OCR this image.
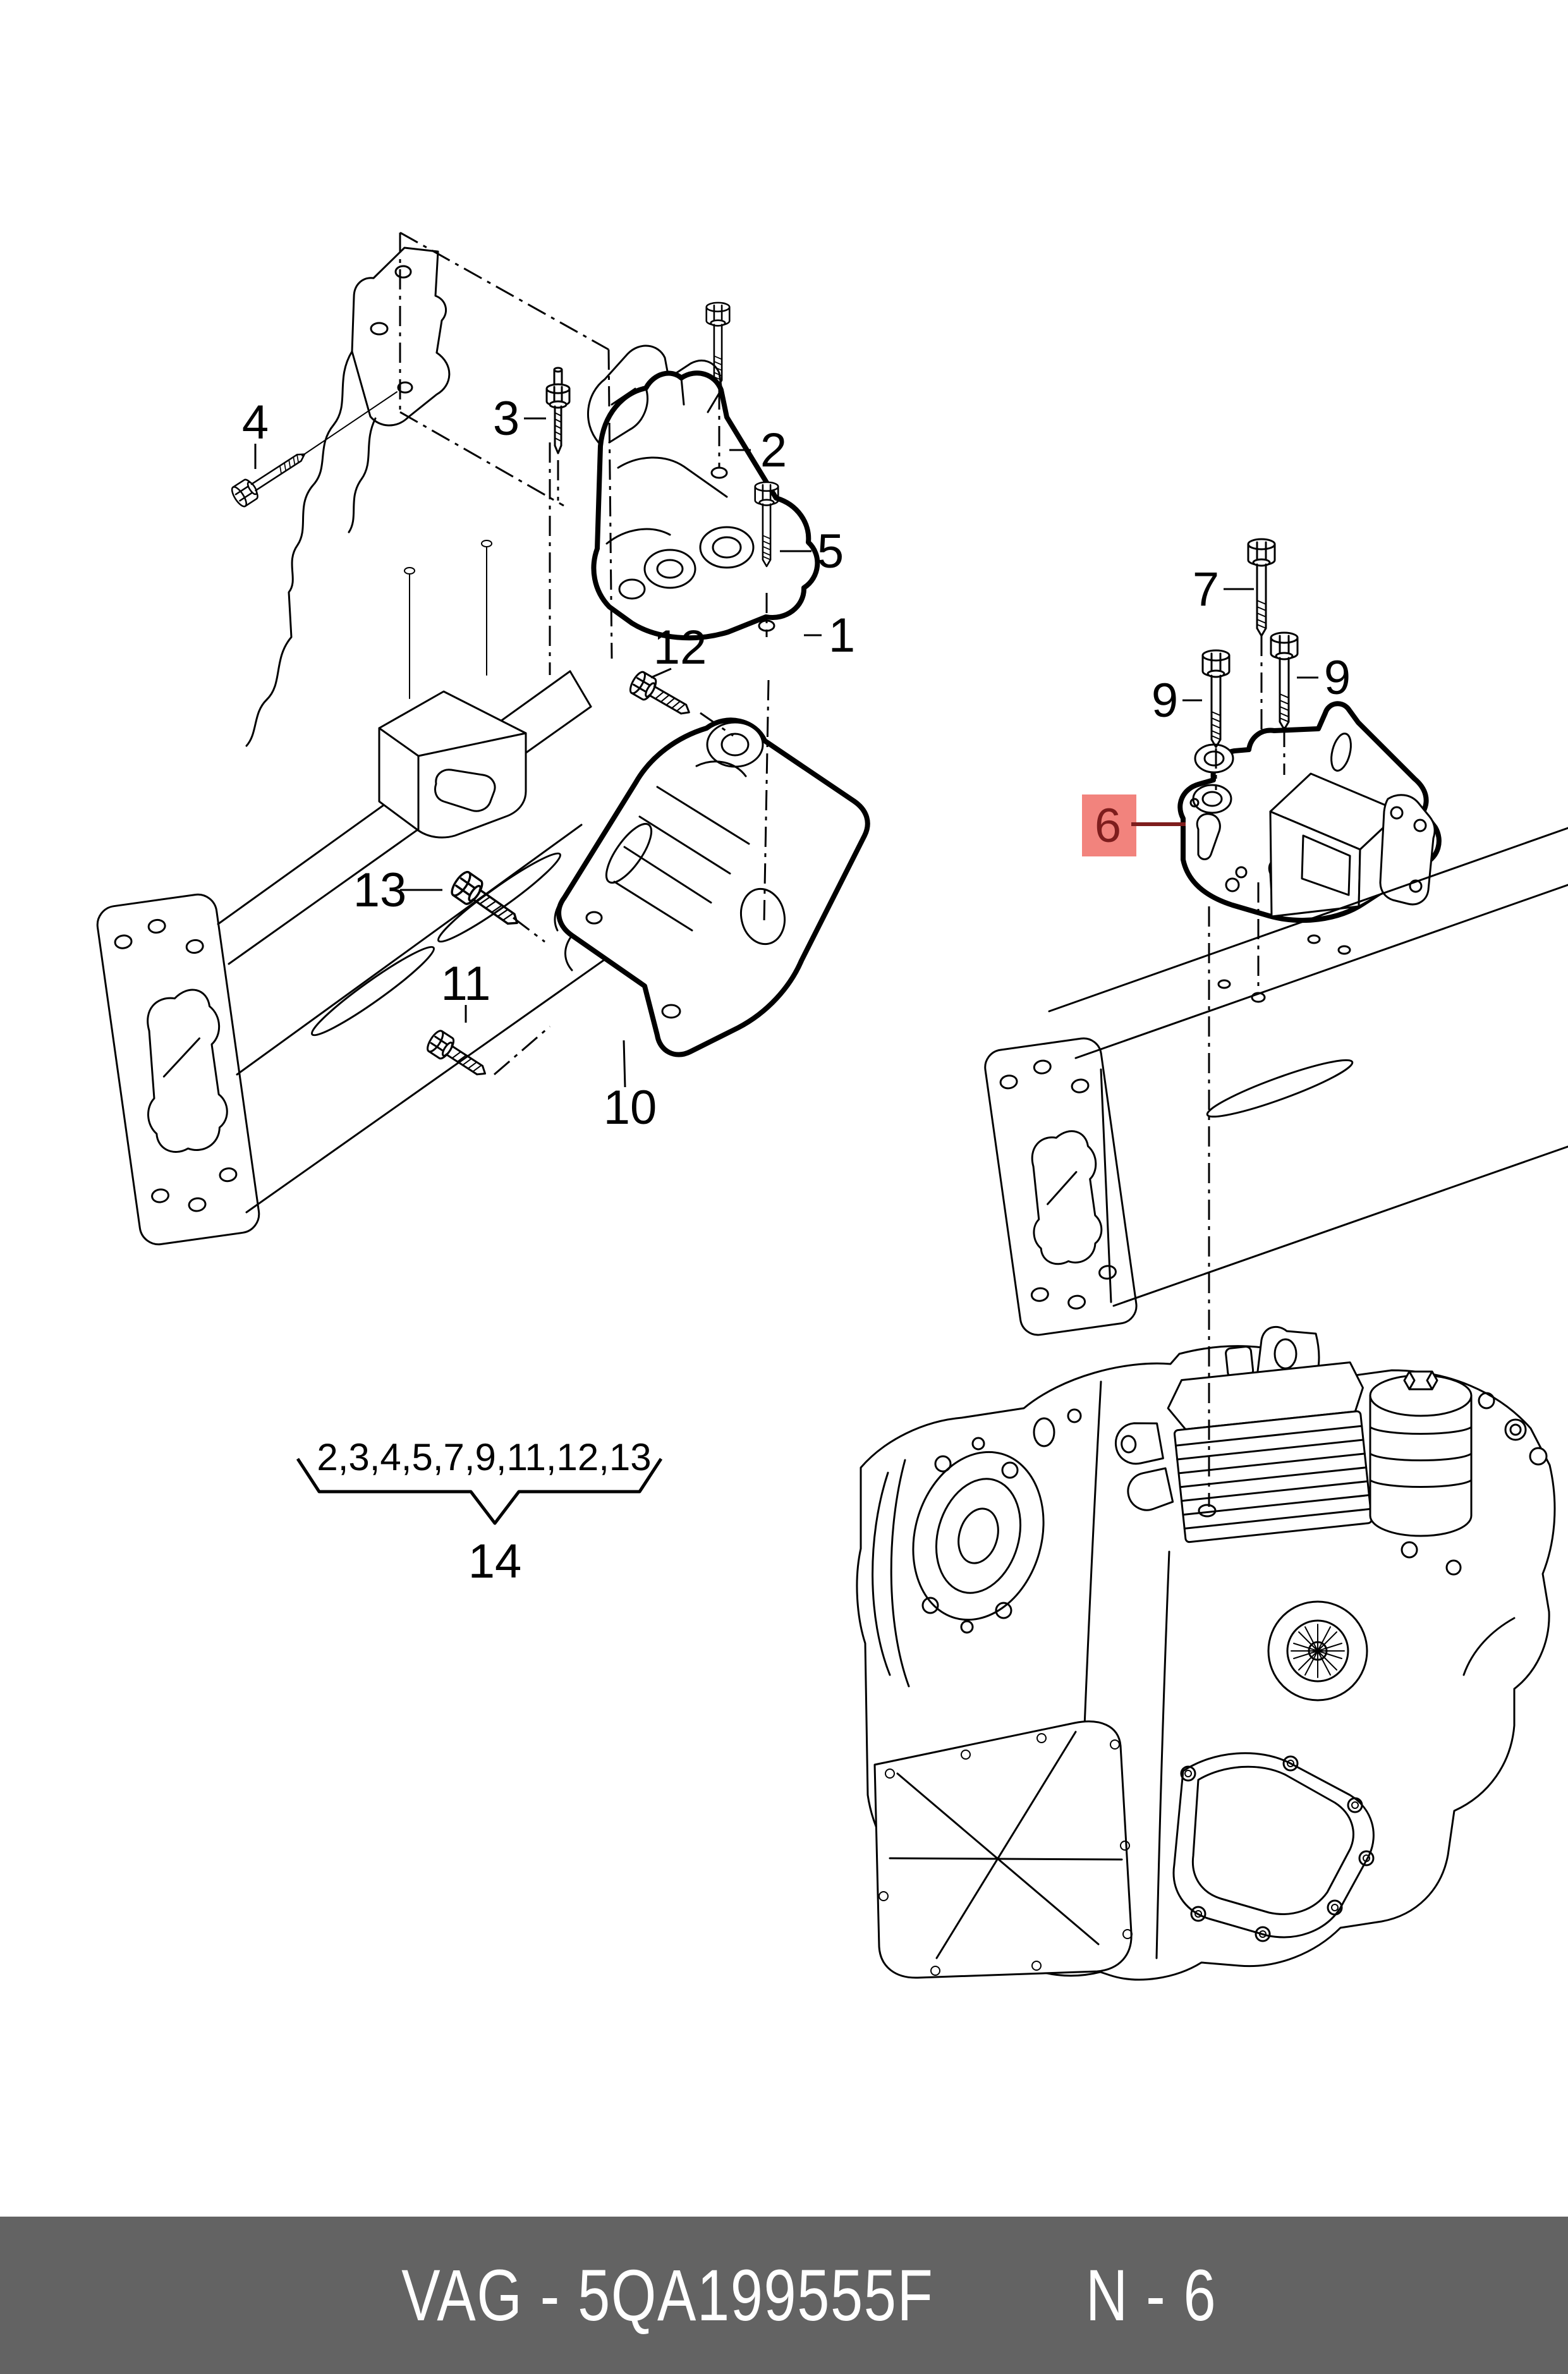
1
2
3
4
5
6
7
9	9
10
11
12
13
2,3,4,5,7,9,11,12,13
14
VAG - 5QA199555F N - 6
